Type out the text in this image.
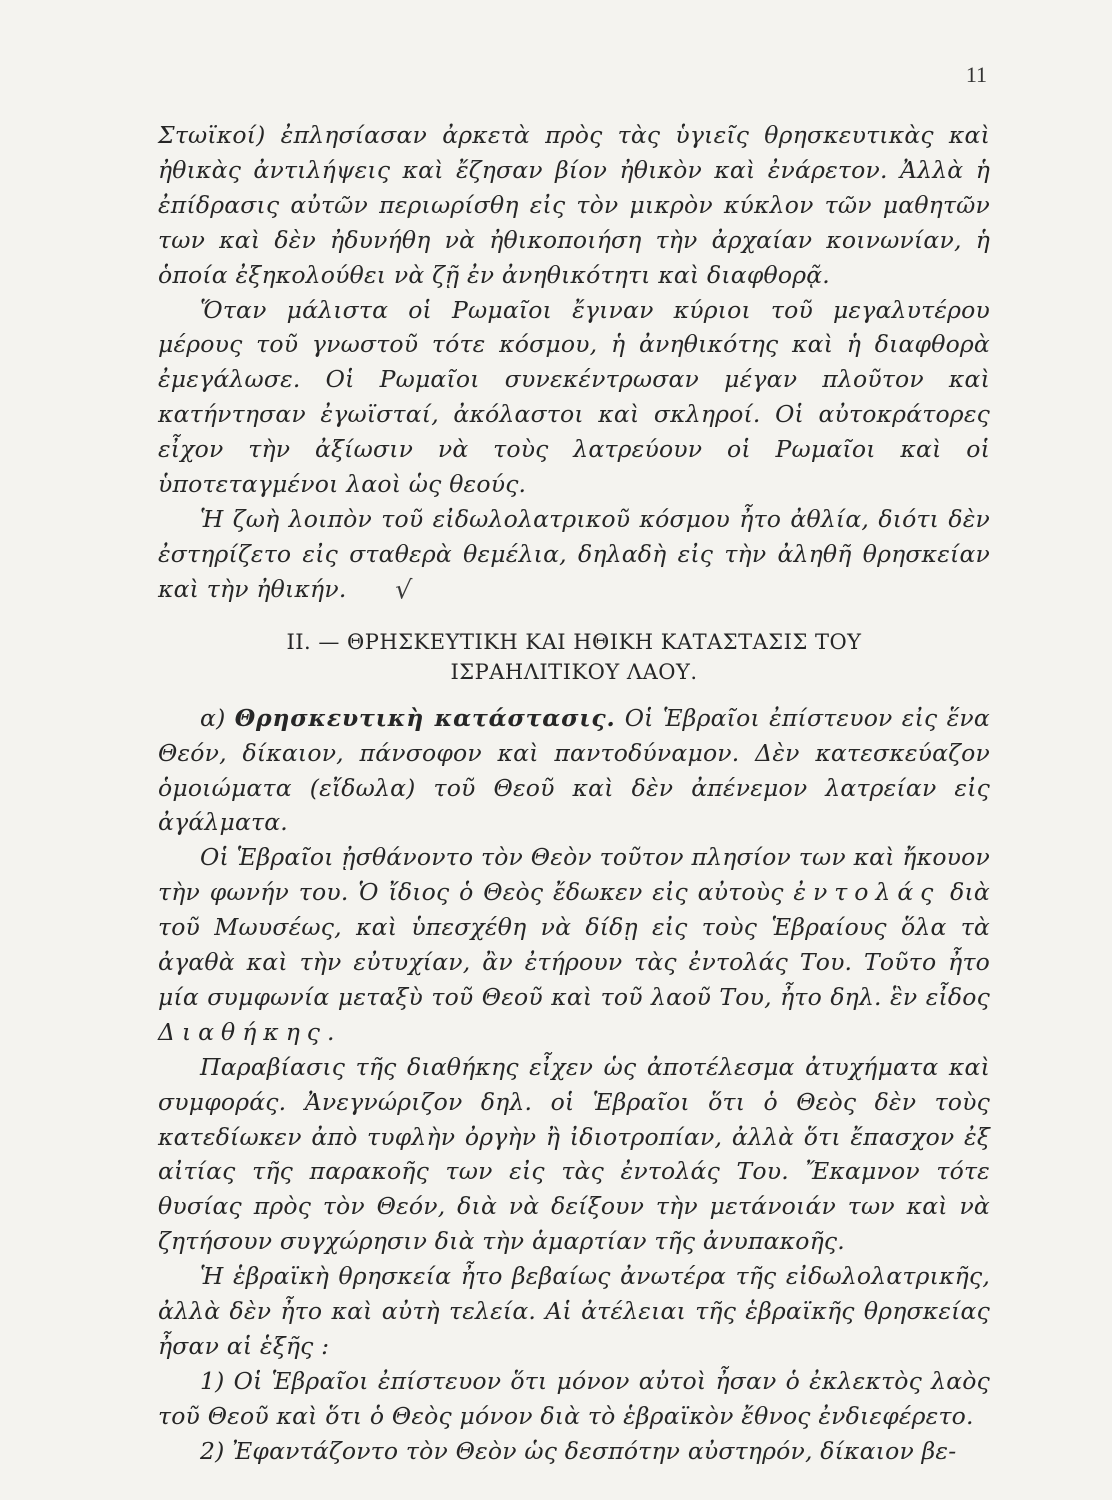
11

Στωϊκοί) ἐπλησίασαν ἀρκετὰ πρὸς τὰς ὑγιεῖς θρησκευτικὰς καὶ ἠθικὰς ἀντιλήψεις καὶ ἔζησαν βίον ἠθικὸν καὶ ἐνάρετον. Ἀλλὰ ἡ ἐπίδρασις αὐτῶν περιωρίσθη εἰς τὸν μικρὸν κύκλον τῶν μαθητῶν των καὶ δὲν ἠδυνήθη νὰ ἠθικοποιήση τὴν ἀρχαίαν κοινωνίαν, ἡ ὁποία ἐξηκολούθει νὰ ζῇ ἐν ἀνηθικότητι καὶ διαφθορᾷ.

Ὅταν μάλιστα οἱ Ρωμαῖοι ἔγιναν κύριοι τοῦ μεγαλυτέρου μέρους τοῦ γνωστοῦ τότε κόσμου, ἡ ἀνηθικότης καὶ ἡ διαφθορὰ ἐμεγάλωσε. Οἱ Ρωμαῖοι συνεκέντρωσαν μέγαν πλοῦτον καὶ κατήντησαν ἐγωϊσταί, ἀκόλαστοι καὶ σκληροί. Οἱ αὐτοκράτορες εἶχον τὴν ἀξίωσιν νὰ τοὺς λατρεύουν οἱ Ρωμαῖοι καὶ οἱ ὑποτεταγμένοι λαοὶ ὡς θεούς.

Ἡ ζωὴ λοιπὸν τοῦ εἰδωλολατρικοῦ κόσμου ἦτο ἀθλία, διότι δὲν ἐστηρίζετο εἰς σταθερὰ θεμέλια, δηλαδὴ εἰς τὴν ἀληθῆ θρησκείαν καὶ τὴν ἠθικήν. √

II. — ΘΡΗΣΚΕΥΤΙΚΗ ΚΑΙ ΗΘΙΚΗ ΚΑΤΑΣΤΑΣΙΣ ΤΟΥ
ΙΣΡΑΗΛΙΤΙΚΟΥ ΛΑΟΥ.

α) Θρησκευτικὴ κατάστασις. Οἱ Ἑβραῖοι ἐπίστευον εἰς ἕνα Θεόν, δίκαιον, πάνσοφον καὶ παντοδύναμον. Δὲν κατεσκεύαζον ὁμοιώματα (εἴδωλα) τοῦ Θεοῦ καὶ δὲν ἀπένεμον λατρείαν εἰς ἀγάλματα.

Οἱ Ἑβραῖοι ᾐσθάνοντο τὸν Θεὸν τοῦτον πλησίον των καὶ ἤκουον τὴν φωνήν του. Ὁ ἴδιος ὁ Θεὸς ἔδωκεν εἰς αὐτοὺς ἐντολάς διὰ τοῦ Μωυσέως, καὶ ὑπεσχέθη νὰ δίδῃ εἰς τοὺς Ἑβραίους ὅλα τὰ ἀγαθὰ καὶ τὴν εὐτυχίαν, ἂν ἐτήρουν τὰς ἐντολάς Του. Τοῦτο ἦτο μία συμφωνία μεταξὺ τοῦ Θεοῦ καὶ τοῦ λαοῦ Του, ἦτο δηλ. ἓν εἶδος Διαθήκης.

Παραβίασις τῆς διαθήκης εἶχεν ὡς ἀποτέλεσμα ἀτυχήματα καὶ συμφοράς. Ἀνεγνώριζον δηλ. οἱ Ἑβραῖοι ὅτι ὁ Θεὸς δὲν τοὺς κατεδίωκεν ἀπὸ τυφλὴν ὀργὴν ἢ ἰδιοτροπίαν, ἀλλὰ ὅτι ἔπασχον ἐξ αἰτίας τῆς παρακοῆς των εἰς τὰς ἐντολάς Του. Ἔκαμνον τότε θυσίας πρὸς τὸν Θεόν, διὰ νὰ δείξουν τὴν μετάνοιάν των καὶ νὰ ζητήσουν συγχώρησιν διὰ τὴν ἁμαρτίαν τῆς ἀνυπακοῆς.

Ἡ ἑβραϊκὴ θρησκεία ἦτο βεβαίως ἀνωτέρα τῆς εἰδωλολατρικῆς, ἀλλὰ δὲν ἦτο καὶ αὐτὴ τελεία. Αἱ ἀτέλειαι τῆς ἑβραϊκῆς θρησκείας ἦσαν αἱ ἑξῆς :

1) Οἱ Ἑβραῖοι ἐπίστευον ὅτι μόνον αὐτοὶ ἦσαν ὁ ἐκλεκτὸς λαὸς τοῦ Θεοῦ καὶ ὅτι ὁ Θεὸς μόνον διὰ τὸ ἑβραϊκὸν ἔθνος ἐνδιεφέρετο.

2) Ἐφαντάζοντο τὸν Θεὸν ὡς δεσπότην αὐστηρόν, δίκαιον βε-
